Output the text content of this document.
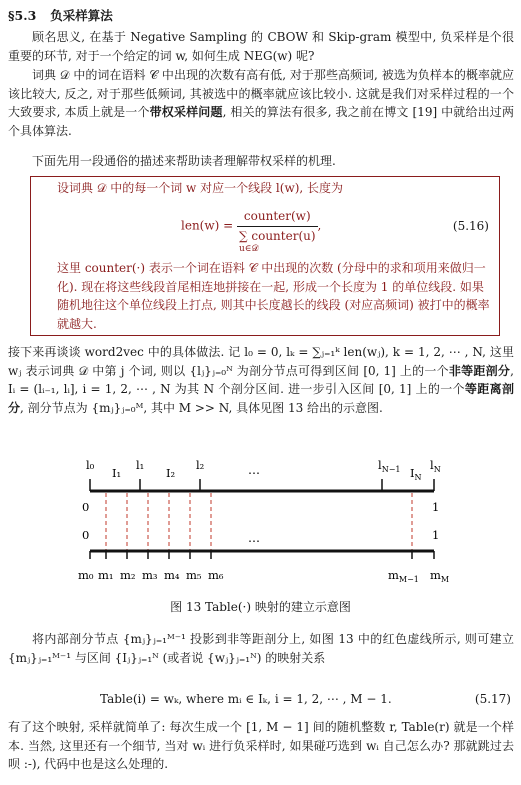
§5.3 负采样算法
顾名思义, 在基于 Negative Sampling 的 CBOW 和 Skip-gram 模型中, 负采样是个很重要的环节, 对于一个给定的词 w, 如何生成 NEG(w) 呢?
词典 𝒟 中的词在语料 𝒞 中出现的次数有高有低, 对于那些高频词, 被选为负样本的概率就应该比较大, 反之, 对于那些低频词, 其被选中的概率就应该比较小. 这就是我们对采样过程的一个大致要求, 本质上就是一个带权采样问题, 相关的算法有很多, 我之前在博文 [19] 中就给出过两个具体算法.
下面先用一段通俗的描述来帮助读者理解带权采样的机理.
设词典 𝒟 中的每一个词 w 对应一个线段 l(w), 长度为
$len(w) = \frac{\text{counter(w)}}{\text{∑ counter(u)}}$ ,
u∈𝒟
(5.16)
这里 counter(·) 表示一个词在语料 𝒞 中出现的次数 (分母中的求和项用来做归一化). 现在将这些线段首尾相连地拼接在一起, 形成一个长度为 1 的单位线段. 如果随机地往这个单位线段上打点, 则其中长度越长的线段 (对应高频词) 被打中的概率就越大.
接下来再谈谈 word2vec 中的具体做法. 记 l₀ = 0, lₖ = ∑ⱼ₌₁ᵏ len(wⱼ), k = 1, 2, ⋯ , N, 这里 wⱼ 表示词典 𝒟 中第 j 个词, 则以 {lⱼ}ⱼ₌₀ᴺ 为剖分节点可得到区间 [0, 1] 上的一个非等距剖分, Iᵢ = (lᵢ₋₁, lᵢ], i = 1, 2, ⋯ , N 为其 N 个剖分区间. 进一步引入区间 [0, 1] 上的一个等距离剖分, 剖分节点为 {mⱼ}ⱼ₌₀ᴹ, 其中 M >> N, 具体见图 13 给出的示意图.
l₀
I₁
l₁
I₂
l₂
⋯
$l_{N-1}$ $I_N$
$l_N$
0	1
0	1
⋯
m₀ m₁ m₂ m₃ m₄ m₅ m₆	$m_{M-1}$ $m_M$
图 13 Table(·) 映射的建立示意图
将内部剖分节点 {mⱼ}ⱼ₌₁ᴹ⁻¹ 投影到非等距剖分上, 如图 13 中的红色虚线所示, 则可建立 {mⱼ}ⱼ₌₁ᴹ⁻¹ 与区间 {Iⱼ}ⱼ₌₁ᴺ (或者说 {wⱼ}ⱼ₌₁ᴺ) 的映射关系
Table(i) = wₖ, where mᵢ ∈ Iₖ, i = 1, 2, ⋯ , M − 1.	(5.17)
有了这个映射, 采样就简单了: 每次生成一个 [1, M − 1] 间的随机整数 r, Table(r) 就是一个样本. 当然, 这里还有一个细节, 当对 wᵢ 进行负采样时, 如果碰巧选到 wᵢ 自己怎么办? 那就跳过去呗 :-), 代码中也是这么处理的.
